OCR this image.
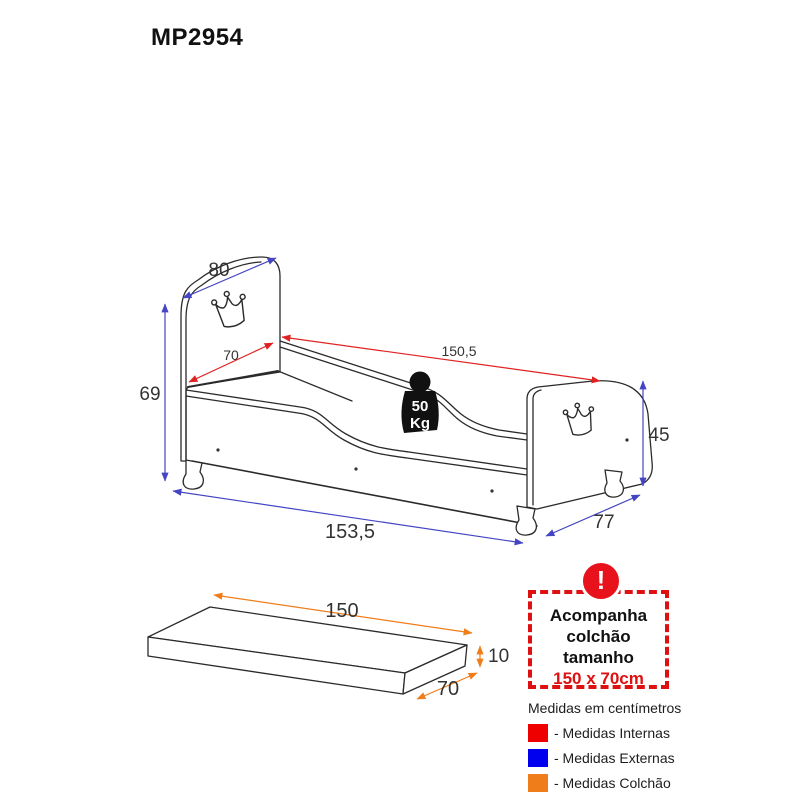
50
Kg
80
69
70	150,5
45
77
153,5
150
10
70
MP2954
!
Acompanha
colchão
tamanho
150 x 70cm
Medidas em centímetros
- Medidas Internas
- Medidas Externas
- Medidas Colchão
